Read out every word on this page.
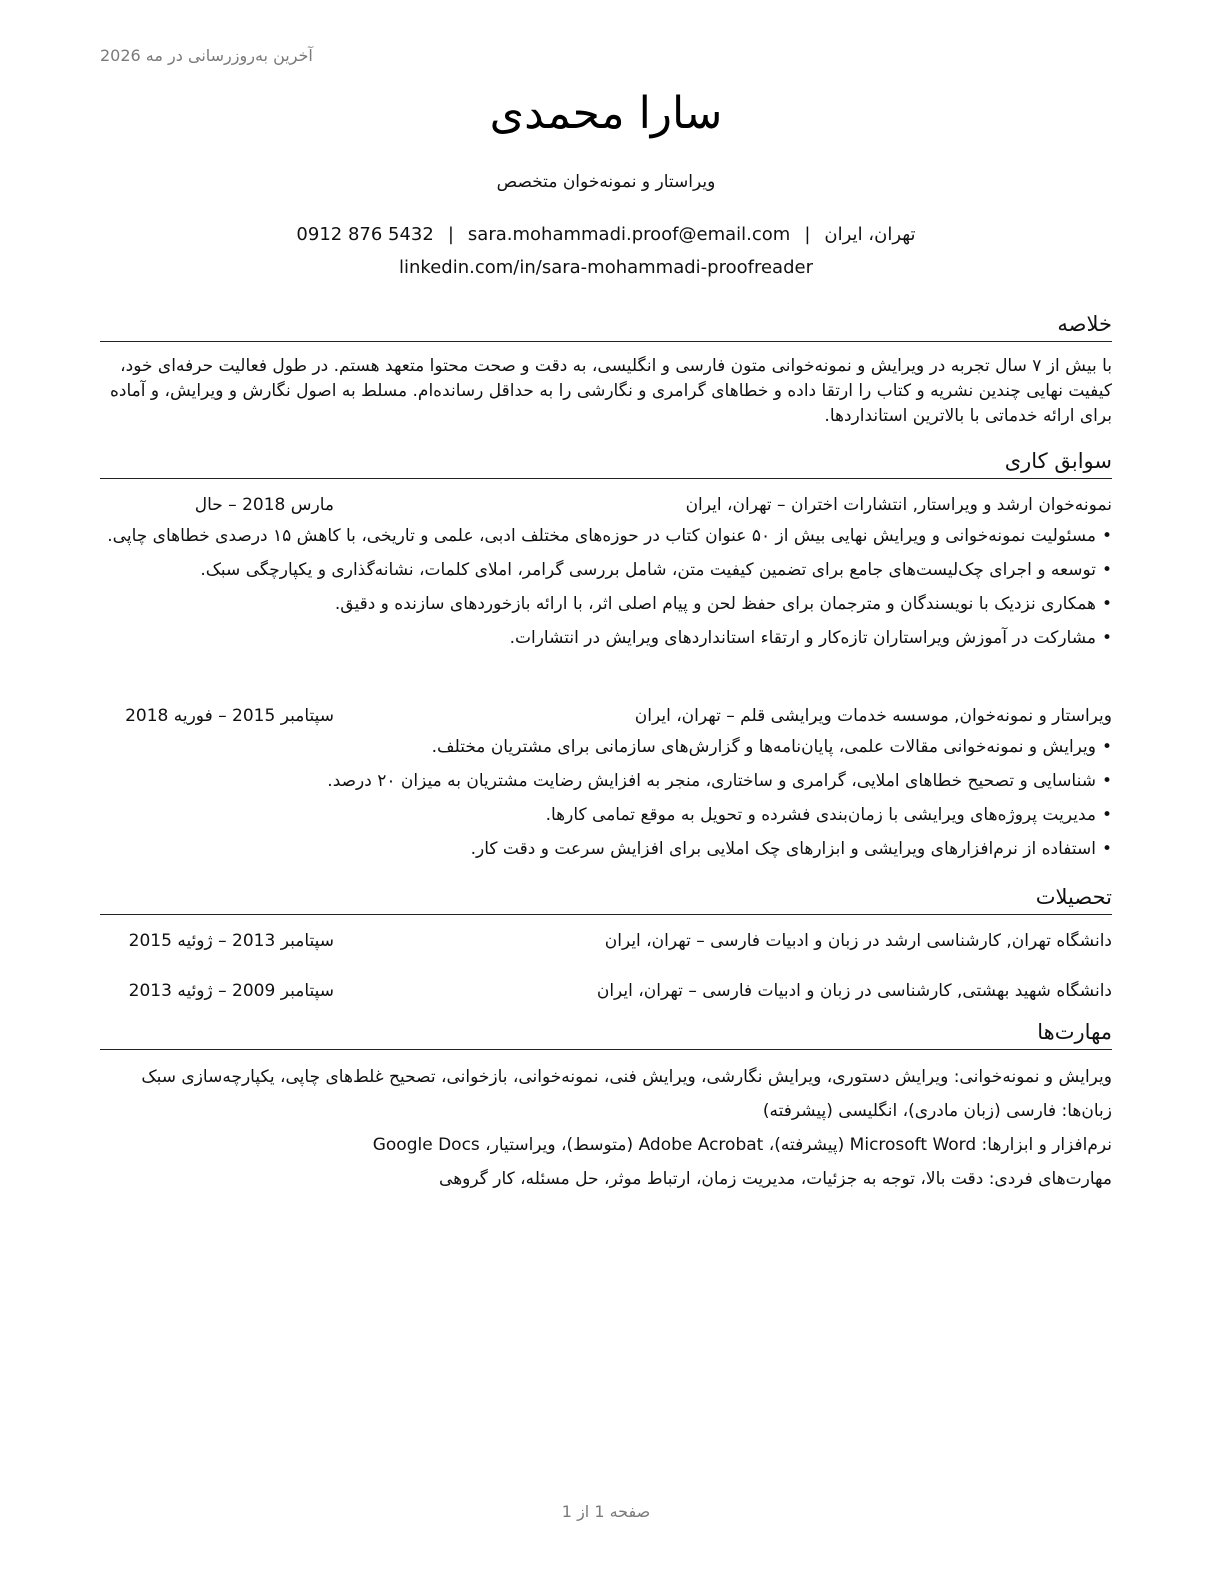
آخرین به‌روزرسانی در مه 2026
سارا محمدی
ویراستار و نمونه‌خوان متخصص
0912 876 5432 | sara.mohammadi.proof@email.com | تهران، ایران
linkedin.com/in/sara-mohammadi-proofreader
خلاصه
با بیش از ۷ سال تجربه در ویرایش و نمونه‌خوانی متون فارسی و انگلیسی، به دقت و صحت محتوا متعهد هستم. در طول فعالیت حرفه‌ای خود، کیفیت نهایی چندین نشریه و کتاب را ارتقا داده و خطاهای گرامری و نگارشی را به حداقل رسانده‌ام. مسلط به اصول نگارش و ویرایش، و آماده برای ارائه خدماتی با بالاترین استانداردها.
سوابق کاری
نمونه‌خوان ارشد و ویراستار, انتشارات اختران – تهران، ایران
مارس 2018 – حال
•
مسئولیت نمونه‌خوانی و ویرایش نهایی بیش از ۵۰ عنوان کتاب در حوزه‌های مختلف ادبی، علمی و تاریخی، با کاهش ۱۵ درصدی خطاهای چاپی.
•
توسعه و اجرای چک‌لیست‌های جامع برای تضمین کیفیت متن، شامل بررسی گرامر، املای کلمات، نشانه‌گذاری و یکپارچگی سبک.
•
همکاری نزدیک با نویسندگان و مترجمان برای حفظ لحن و پیام اصلی اثر، با ارائه بازخوردهای سازنده و دقیق.
•
مشارکت در آموزش ویراستاران تازه‌کار و ارتقاء استانداردهای ویرایش در انتشارات.
ویراستار و نمونه‌خوان, موسسه خدمات ویرایشی قلم – تهران، ایران
سپتامبر 2015 – فوریه 2018
•
ویرایش و نمونه‌خوانی مقالات علمی، پایان‌نامه‌ها و گزارش‌های سازمانی برای مشتریان مختلف.
•
شناسایی و تصحیح خطاهای املایی، گرامری و ساختاری، منجر به افزایش رضایت مشتریان به میزان ۲۰ درصد.
•
مدیریت پروژه‌های ویرایشی با زمان‌بندی فشرده و تحویل به موقع تمامی کارها.
•
استفاده از نرم‌افزارهای ویرایشی و ابزارهای چک املایی برای افزایش سرعت و دقت کار.
تحصیلات
دانشگاه تهران, کارشناسی ارشد در زبان و ادبیات فارسی – تهران، ایران
سپتامبر 2013 – ژوئیه 2015
دانشگاه شهید بهشتی, کارشناسی در زبان و ادبیات فارسی – تهران، ایران
سپتامبر 2009 – ژوئیه 2013
مهارت‌ها
ویرایش و نمونه‌خوانی: ویرایش دستوری، ویرایش نگارشی، ویرایش فنی، نمونه‌خوانی، بازخوانی، تصحیح غلط‌های چاپی، یکپارچه‌سازی سبک
زبان‌ها: فارسی (زبان مادری)، انگلیسی (پیشرفته)
نرم‌افزار و ابزارها: Microsoft Word (پیشرفته)، Adobe Acrobat (متوسط)، ویراستیار، Google Docs
مهارت‌های فردی: دقت بالا، توجه به جزئیات، مدیریت زمان، ارتباط موثر، حل مسئله، کار گروهی
صفحه 1 از 1
